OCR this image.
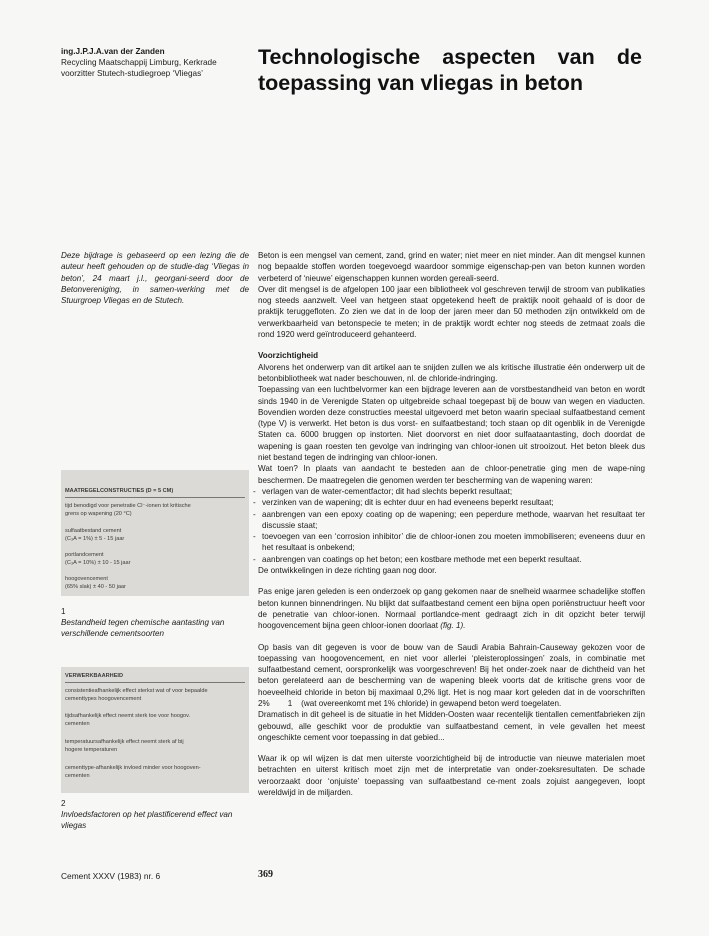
ing.J.P.J.A.van der Zanden
Recycling Maatschappij Limburg, Kerkrade voorzitter Stutech-studiegroep ‘Vliegas’
Technologische aspecten van de toepassing van vliegas in beton

Deze bijdrage is gebaseerd op een lezing die de auteur heeft gehouden op de studie-dag ‘Vliegas in beton’, 24 maart j.l., georgani-seerd door de Betonvereniging, in samen-werking met de Stuurgroep Vliegas en de Stutech.

Beton is een mengsel van cement, zand, grind en water; niet meer en niet minder. Aan dit mengsel kunnen nog bepaalde stoffen worden toegevoegd waardoor sommige eigenschap-pen van beton kunnen worden verbeterd of ‘nieuwe’ eigenschappen kunnen worden gereali-seerd.

Over dit mengsel is de afgelopen 100 jaar een bibliotheek vol geschreven terwijl de stroom van publikaties nog steeds aanzwelt. Veel van hetgeen staat opgetekend heeft de praktijk nooit gehaald of is door de praktijk teruggefloten. Zo zien we dat in de loop der jaren meer dan 50 methoden zijn ontwikkeld om de verwerkbaarheid van betonspecie te meten; in de praktijk wordt echter nog steeds de zetmaat zoals die rond 1920 werd geïntroduceerd gehanteerd.

Voorzichtigheid

Alvorens het onderwerp van dit artikel aan te snijden zullen we als kritische illustratie één onderwerp uit de betonbibliotheek wat nader beschouwen, nl. de chloride-indringing.

Toepassing van een luchtbelvormer kan een bijdrage leveren aan de vorstbestandheid van beton en wordt sinds 1940 in de Verenigde Staten op uitgebreide schaal toegepast bij de bouw van wegen en viaducten. Bovendien worden deze constructies meestal uitgevoerd met beton waarin speciaal sulfaatbestand cement (type V) is verwerkt. Het beton is dus vorst- en sulfaatbestand; toch staan op dit ogenblik in de Verenigde Staten ca. 6000 bruggen op instorten. Niet doorvorst en niet door sulfaataantasting, doch doordat de wapening is gaan roesten ten gevolge van indringing van chloor-ionen uit strooizout. Het beton bleek dus niet bestand tegen de indringing van chloor-ionen.

Wat toen? In plaats van aandacht te besteden aan de chloor-penetratie ging men de wape-ning beschermen. De maatregelen die genomen werden ter bescherming van de wapening waren:

- verlagen van de water-cementfactor; dit had slechts beperkt resultaat;
- verzinken van de wapening; dit is echter duur en had eveneens beperkt resultaat;
- aanbrengen van een epoxy coating op de wapening; een peperdure methode, waarvan het resultaat ter discussie staat;
- toevoegen van een ‘corrosion inhibitor’ die de chloor-ionen zou moeten immobiliseren; eveneens duur en het resultaat is onbekend;
- aanbrengen van coatings op het beton; een kostbare methode met een beperkt resultaat.

De ontwikkelingen in deze richting gaan nog door.

Pas enige jaren geleden is een onderzoek op gang gekomen naar de snelheid waarmee schadelijke stoffen beton kunnen binnendringen. Nu blijkt dat sulfaatbestand cement een bijna open poriënstructuur heeft voor de penetratie van chloor-ionen. Normaal portlandce-ment gedraagt zich in dit opzicht beter terwijl hoogovencement bijna geen chloor-ionen doorlaat (fig. 1).

Op basis van dit gegeven is voor de bouw van de Saudi Arabia Bahrain-Causeway gekozen voor de toepassing van hoogovencement, en niet voor allerlei ‘pleisteroplossingen’ zoals, in combinatie met sulfaatbestand cement, oorspronkelijk was voorgeschreven! Bij het onder-zoek naar de dichtheid van het beton gerelateerd aan de bescherming van de wapening bleek voorts dat de kritische grens voor de hoeveelheid chloride in beton bij maximaal 0,2% ligt. Het is nog maar kort geleden dat in de voorschriften 2%        1    (wat overeenkomt met 1% chloride) in gewapend beton werd toegelaten.

Dramatisch in dit geheel is de situatie in het Midden-Oosten waar recentelijk tientallen cementfabrieken zijn gebouwd, alle geschikt voor de produktie van sulfaatbestand cement, in vele gevallen het meest ongeschikte cement voor toepassing in dat gebied...

Waar ik op wil wijzen is dat men uiterste voorzichtigheid bij de introductie van nieuwe materialen moet betrachten en uiterst kritisch moet zijn met de interpretatie van onder-zoeksresultaten. De schade veroorzaakt door ‘onjuiste’ toepassing van sulfaatbestand ce-ment zoals zojuist aangegeven, loopt wereldwijd in de miljarden.

MAATREGELCONSTRUCTIES (D = 5 CM)
tijd benodigd voor penetratie Cl⁻-ionen tot kritische
grens op wapening (20 °C)
sulfaatbestand cement
(C₃A = 1%) ± 5 - 15 jaar
portlandcement
(C₃A = 10%) ± 10 - 15 jaar
hoogovencement
(65% slak) ± 40 - 50 jaar

1
Bestandheid tegen chemische aantasting van verschillende cementsoorten

VERWERKBAARHEID
consistentieafhankelijk effect sterkst wat of voor bepaalde
cementtypes hoogovencement
tijdsafhankelijk effect neemt sterk toe voor hoogov.
cementen
temperatuursafhankelijk effect neemt sterk af bij
hogere temperaturen
cementtype-afhankelijk invloed minder voor hoogoven-
cementen

2
Invloedsfactoren op het plastificerend effect van vliegas

Cement XXXV (1983) nr. 6	369
